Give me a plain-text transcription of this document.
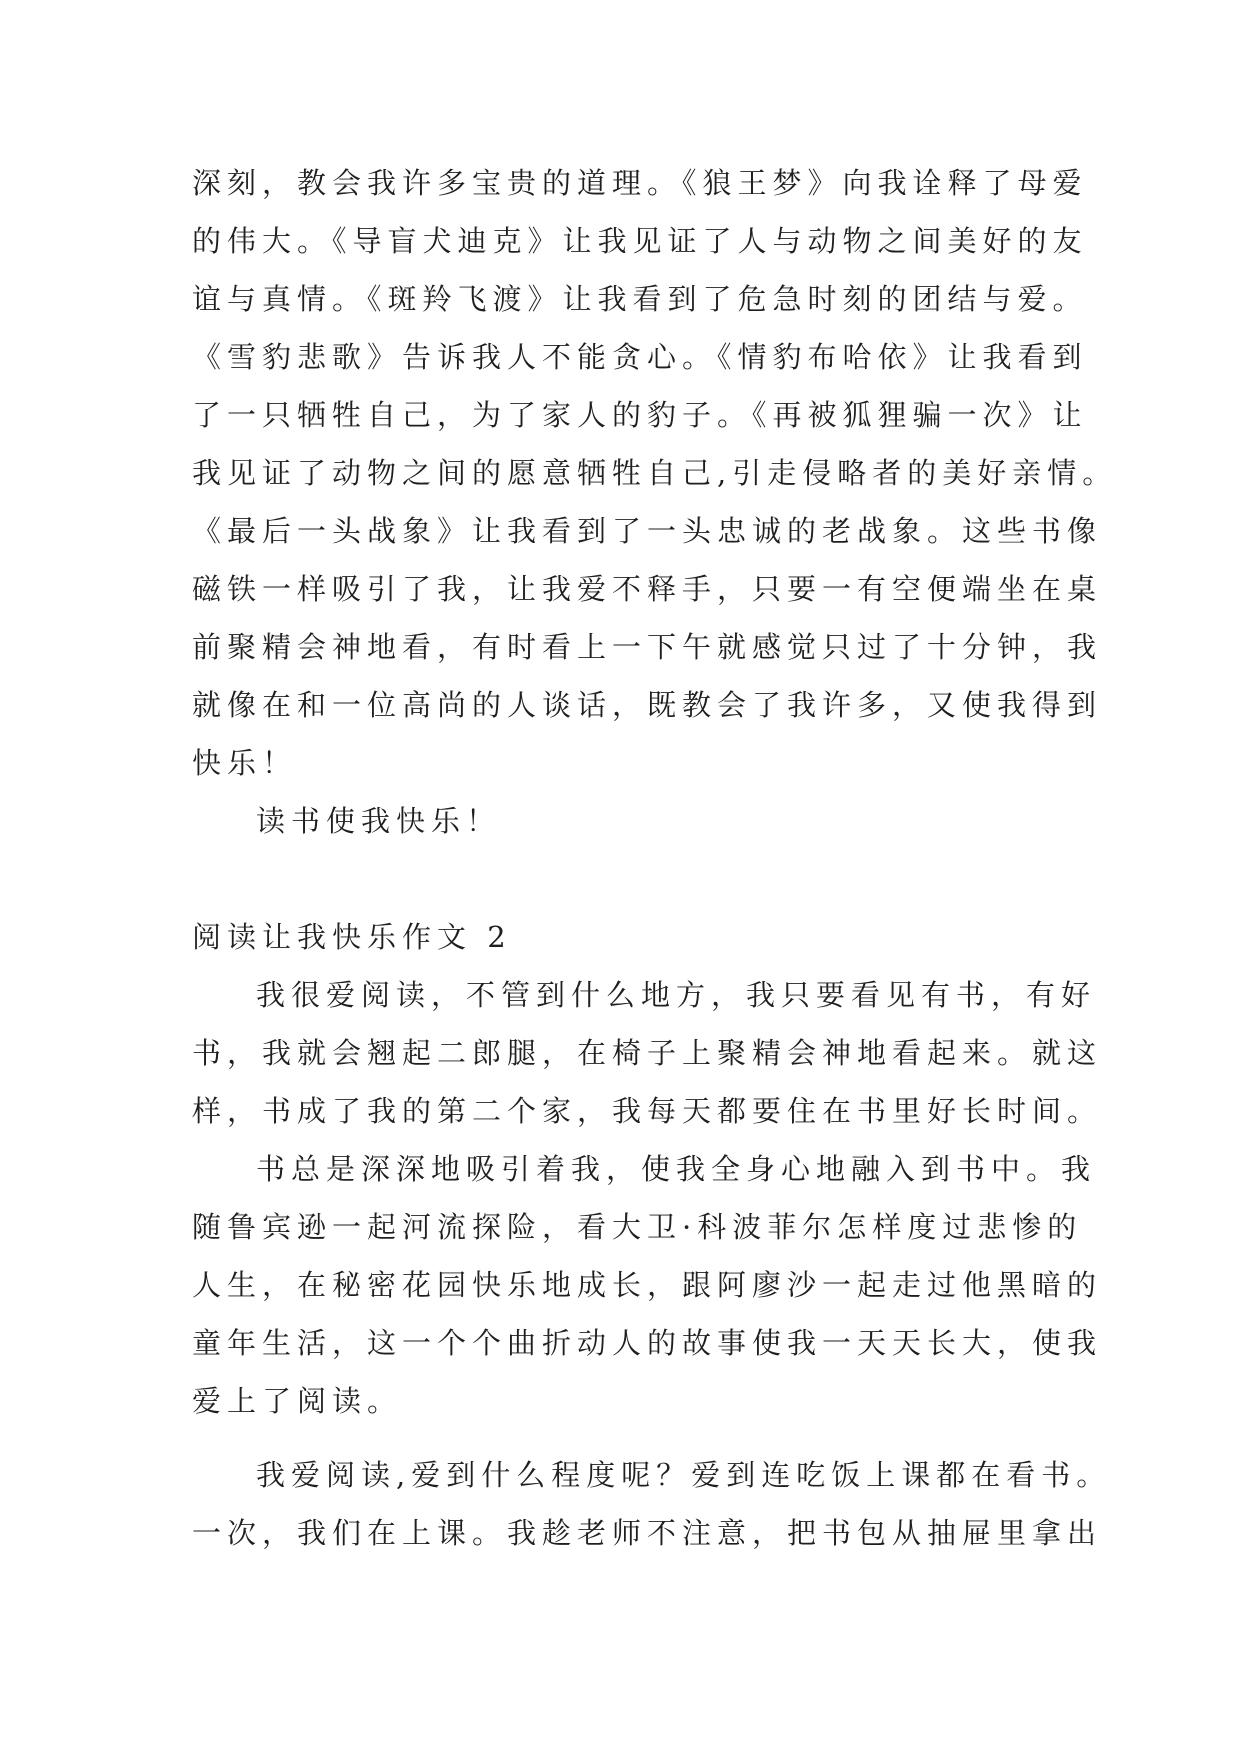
深刻，教会我许多宝贵的道理。《狼王梦》向我诠释了母爱
的伟大。《导盲犬迪克》让我见证了人与动物之间美好的友
谊与真情。《斑羚飞渡》让我看到了危急时刻的团结与爱。
《雪豹悲歌》告诉我人不能贪心。《情豹布哈依》让我看到
了一只牺牲自己，为了家人的豹子。《再被狐狸骗一次》让
我见证了动物之间的愿意牺牲自己,引走侵略者的美好亲情。
《最后一头战象》让我看到了一头忠诚的老战象。这些书像
磁铁一样吸引了我，让我爱不释手，只要一有空便端坐在桌
前聚精会神地看，有时看上一下午就感觉只过了十分钟，我
就像在和一位高尚的人谈话，既教会了我许多，又使我得到
快乐！
读书使我快乐！
阅读让我快乐作文 2
我很爱阅读，不管到什么地方，我只要看见有书，有好
书，我就会翘起二郎腿，在椅子上聚精会神地看起来。就这
样，书成了我的第二个家，我每天都要住在书里好长时间。
书总是深深地吸引着我，使我全身心地融入到书中。我
随鲁宾逊一起河流探险，看大卫·科波菲尔怎样度过悲惨的
人生，在秘密花园快乐地成长，跟阿廖沙一起走过他黑暗的
童年生活，这一个个曲折动人的故事使我一天天长大，使我
爱上了阅读。
我爱阅读,爱到什么程度呢？爱到连吃饭上课都在看书。
一次，我们在上课。我趁老师不注意，把书包从抽屉里拿出
